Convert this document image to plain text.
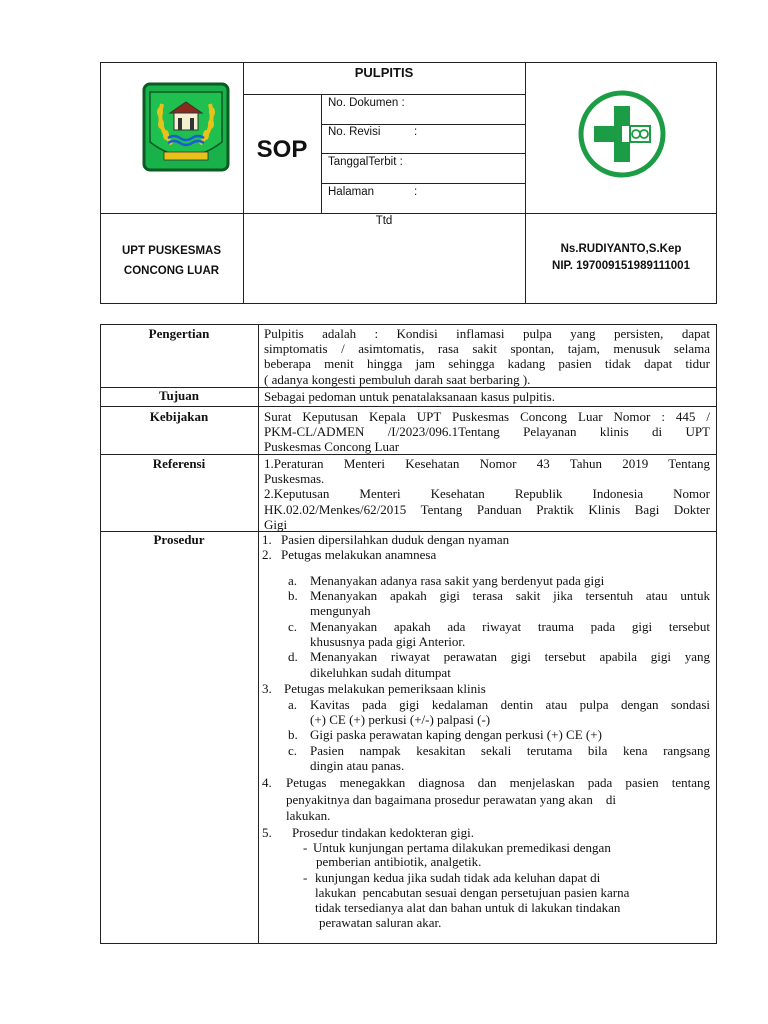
PULPITIS
SOP
No. Dokumen :
No. Revisi	:
TanggalTerbit :
Halaman	:
Ttd
UPT PUSKESMAS
CONCONG LUAR
Ns.RUDIYANTO,S.Kep
NIP. 197009151989111001
Pengertian
Tujuan
Kebijakan
Referensi
Prosedur
Pulpitis adalah : Kondisi inflamasi pulpa yang persisten, dapat
simptomatis / asimtomatis, rasa sakit spontan, tajam, menusuk selama
beberapa menit hingga jam sehingga kadang pasien tidak dapat tidur
( adanya kongesti pembuluh darah saat berbaring ).
Sebagai pedoman untuk penatalaksanaan kasus pulpitis.
Surat Keputusan Kepala UPT Puskesmas Concong Luar Nomor : 445 /
PKM-CL/ADMEN /I/2023/096.1Tentang Pelayanan klinis di UPT
Puskesmas Concong Luar
1.Peraturan Menteri Kesehatan Nomor 43 Tahun 2019 Tentang
Puskesmas.
2.Keputusan Menteri Kesehatan Republik Indonesia Nomor
HK.02.02/Menkes/62/2015 Tentang Panduan Praktik Klinis Bagi Dokter
Gigi
1. Pasien dipersilahkan duduk dengan nyaman
2. Petugas melakukan anamnesa
a. Menanyakan adanya rasa sakit yang berdenyut pada gigi
b. Menanyakan apakah gigi terasa sakit jika tersentuh atau untuk
mengunyah
c. Menanyakan apakah ada riwayat trauma pada gigi tersebut
khususnya pada gigi Anterior.
d. Menanyakan riwayat perawatan gigi tersebut apabila gigi yang
dikeluhkan sudah ditumpat
3. Petugas melakukan pemeriksaan klinis
a. Kavitas pada gigi kedalaman dentin atau pulpa dengan sondasi
(+) CE (+) perkusi (+/-) palpasi (-)
b. Gigi paska perawatan kaping dengan perkusi (+) CE (+)
c. Pasien nampak kesakitan sekali terutama bila kena rangsang
dingin atau panas.
4. Petugas menegakkan diagnosa dan menjelaskan pada pasien tentang
penyakitnya dan bagaimana prosedur perawatan yang akan    di
lakukan.
5. Prosedur tindakan kedokteran gigi.
- Untuk kunjungan pertama dilakukan premedikasi dengan
pemberian antibiotik, analgetik.
- kunjungan kedua jika sudah tidak ada keluhan dapat di
lakukan  pencabutan sesuai dengan persetujuan pasien karna
tidak tersedianya alat dan bahan untuk di lakukan tindakan
perawatan saluran akar.
